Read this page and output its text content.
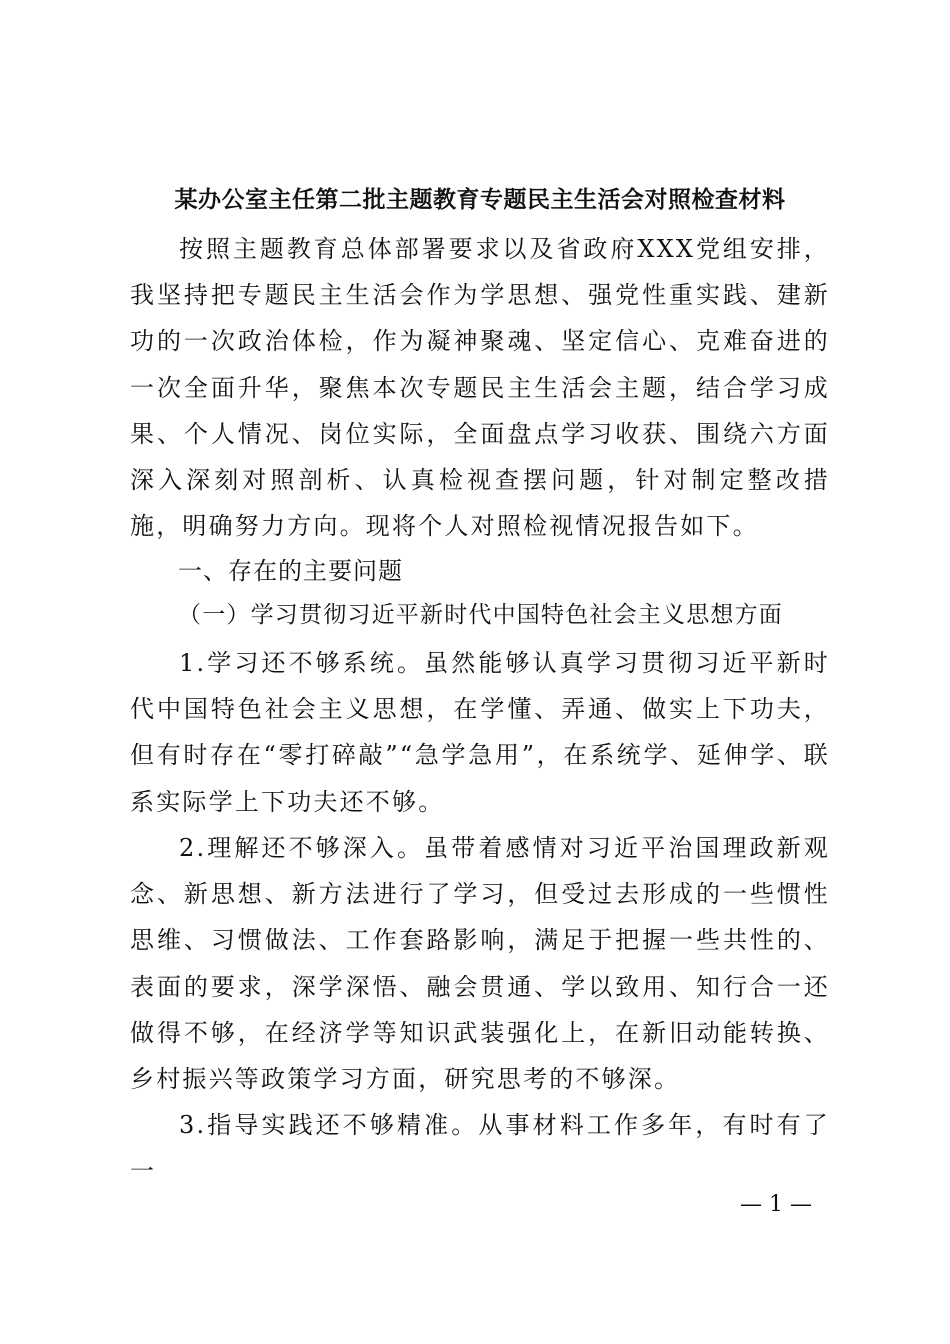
某办公室主任第二批主题教育专题民主生活会对照检查材料

按照主题教育总体部署要求以及省政府XXX党组安排，我坚持把专题民主生活会作为学思想、强党性重实践、建新功的一次政治体检，作为凝神聚魂、坚定信心、克难奋进的一次全面升华，聚焦本次专题民主生活会主题，结合学习成果、个人情况、岗位实际，全面盘点学习收获、围绕六方面深入深刻对照剖析、认真检视查摆问题，针对制定整改措施，明确努力方向。现将个人对照检视情况报告如下。

一、存在的主要问题
（一）学习贯彻习近平新时代中国特色社会主义思想方面

1.学习还不够系统。虽然能够认真学习贯彻习近平新时代中国特色社会主义思想，在学懂、弄通、做实上下功夫，但有时存在“零打碎敲”“急学急用”，在系统学、延伸学、联系实际学上下功夫还不够。

2.理解还不够深入。虽带着感情对习近平治国理政新观念、新思想、新方法进行了学习，但受过去形成的一些惯性思维、习惯做法、工作套路影响，满足于把握一些共性的、表面的要求，深学深悟、融会贯通、学以致用、知行合一还做得不够，在经济学等知识武装强化上，在新旧动能转换、乡村振兴等政策学习方面，研究思考的不够深。

3.指导实践还不够精准。从事材料工作多年，有时有了一

— 1 —
